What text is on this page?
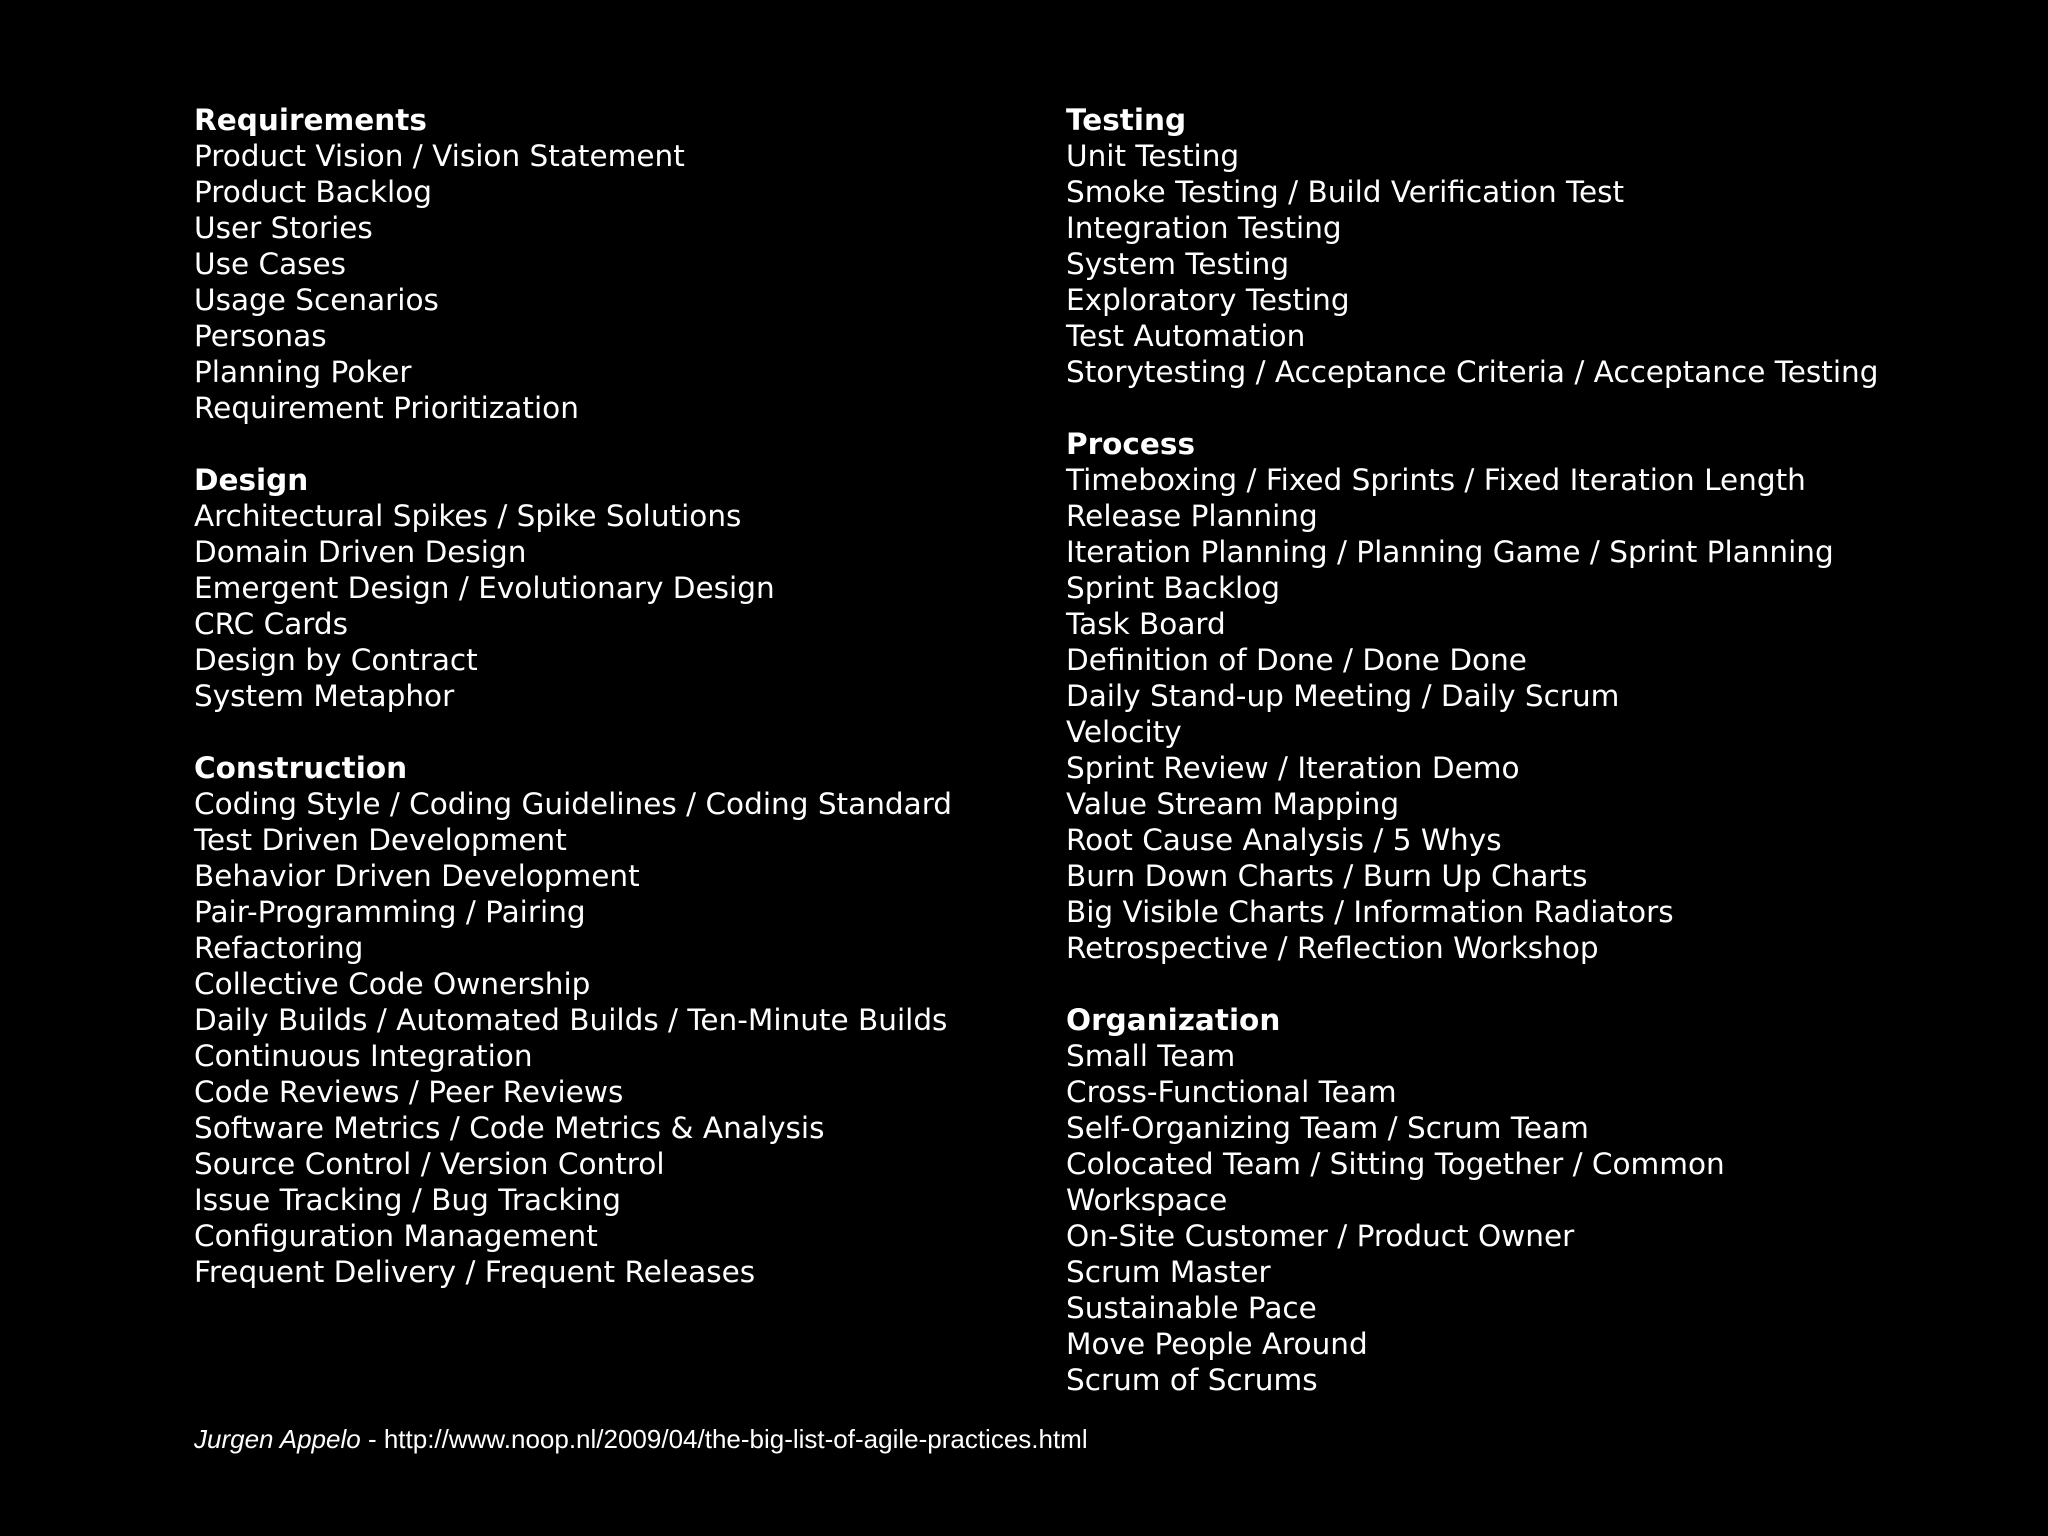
Requirements
Product Vision / Vision Statement
Product Backlog
User Stories
Use Cases
Usage Scenarios
Personas
Planning Poker
Requirement Prioritization
Design
Architectural Spikes / Spike Solutions
Domain Driven Design
Emergent Design / Evolutionary Design
CRC Cards
Design by Contract
System Metaphor
Construction
Coding Style / Coding Guidelines / Coding Standard
Test Driven Development
Behavior Driven Development
Pair-Programming / Pairing
Refactoring
Collective Code Ownership
Daily Builds / Automated Builds / Ten-Minute Builds
Continuous Integration
Code Reviews / Peer Reviews
Software Metrics / Code Metrics & Analysis
Source Control / Version Control
Issue Tracking / Bug Tracking
Configuration Management
Frequent Delivery / Frequent Releases
Testing
Unit Testing
Smoke Testing / Build Verification Test
Integration Testing
System Testing
Exploratory Testing
Test Automation
Storytesting / Acceptance Criteria / Acceptance Testing
Process
Timeboxing / Fixed Sprints / Fixed Iteration Length
Release Planning
Iteration Planning / Planning Game / Sprint Planning
Sprint Backlog
Task Board
Definition of Done / Done Done
Daily Stand-up Meeting / Daily Scrum
Velocity
Sprint Review / Iteration Demo
Value Stream Mapping
Root Cause Analysis / 5 Whys
Burn Down Charts / Burn Up Charts
Big Visible Charts / Information Radiators
Retrospective / Reflection Workshop
Organization
Small Team
Cross-Functional Team
Self-Organizing Team / Scrum Team
Colocated Team / Sitting Together / Common
Workspace
On-Site Customer / Product Owner
Scrum Master
Sustainable Pace
Move People Around
Scrum of Scrums
Jurgen Appelo - http://www.noop.nl/2009/04/the-big-list-of-agile-practices.html
